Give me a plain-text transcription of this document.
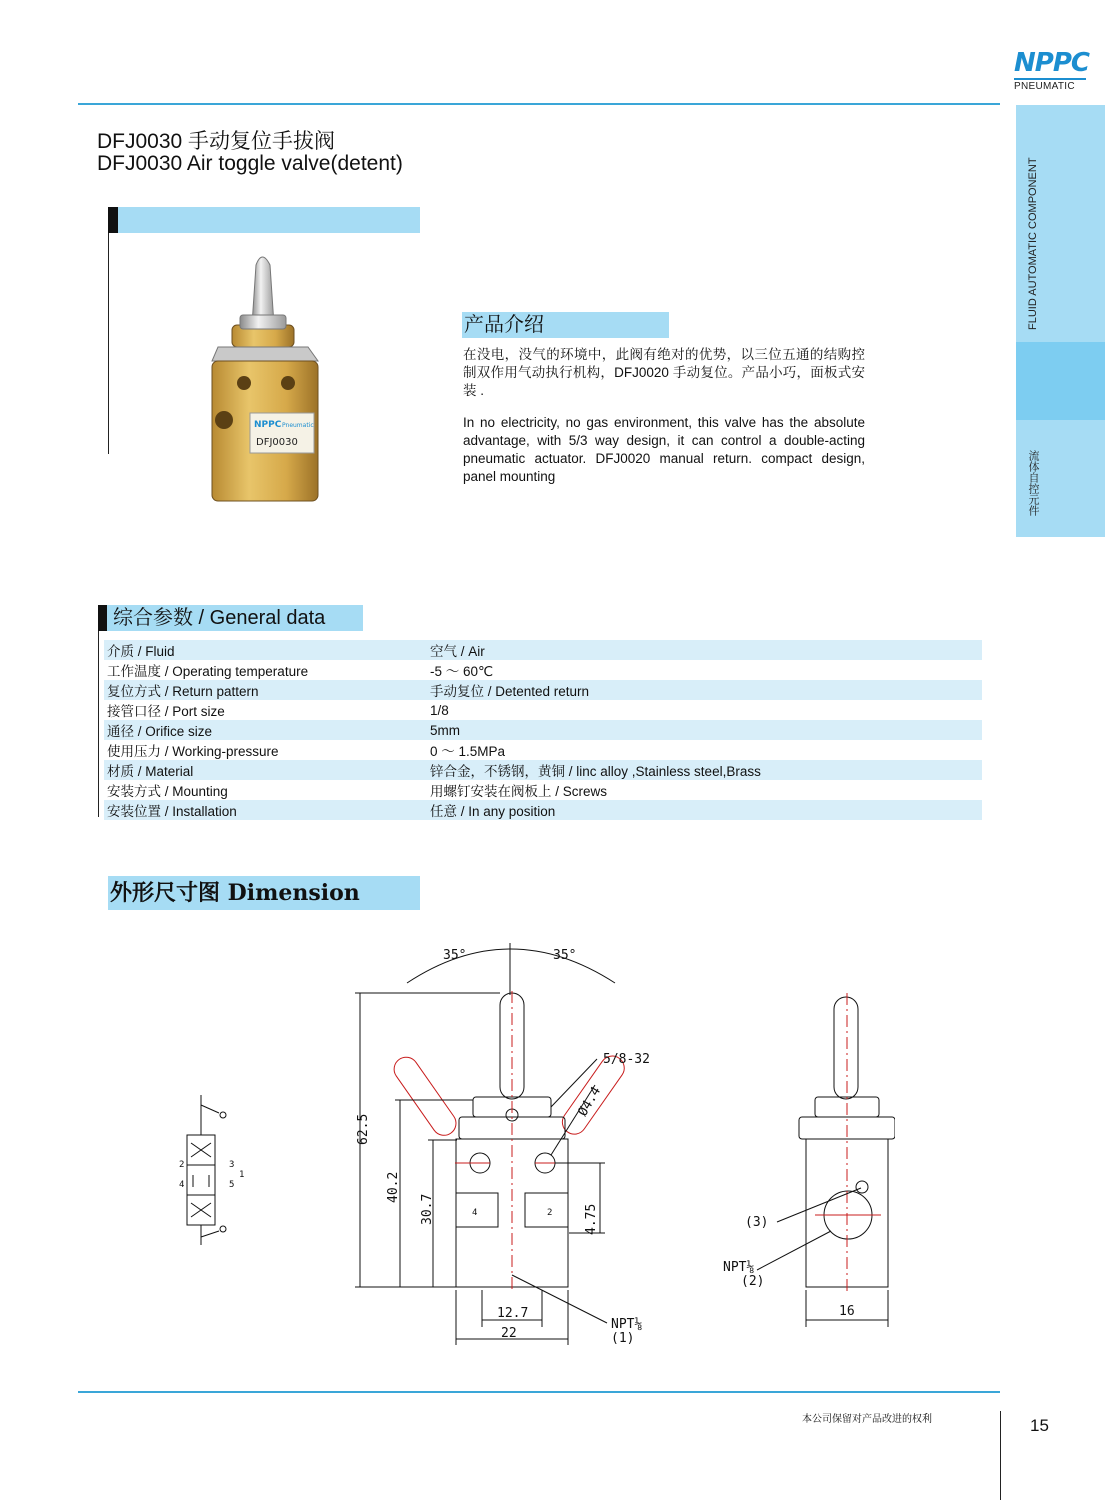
NPPC
PNEUMATIC
FLUID AUTOMATIC COMPONENT
流体自控元件
DFJ0030 手动复位手拔阀
DFJ0030 Air toggle valve(detent)
NPPC Pneumatic
DFJ0030
产品介绍
在没电，没气的环境中，此阀有绝对的优势，以三位五通的结购控制双作用气动执行机构，DFJ0020 手动复位。产品小巧，面板式安装 .
In no electricity, no gas environment, this valve has the absolute advantage, with 5/3 way design, it can control a double-acting pneumatic actuator. DFJ0020 manual return. compact design, panel mounting
综合参数 / General data
介质 / Fluid	空气 / Air
工作温度 / Operating temperature	-5 ～ 60℃
复位方式 / Return pattern	手动复位 / Detented return
接管口径 / Port size	1/8
通径 / Orifice size	5mm
使用压力 / Working-pressure	0 ～ 1.5MPa
材质 / Material	锌合金，不锈钢，黄铜 / linc alloy ,Stainless steel,Brass
安装方式 / Mounting	用螺钉安装在阀板上 / Screws
安装位置 / Installation	任意 / In any position
外形尺寸图 Dimension
2
4
3
5
1
35°	35°
4	2
62.5
40.2
30.7	4.75
Ø4.4
5/8-32
12.7
22
NPT⅛
(1)
(3)
NPT⅛
(2)
16
本公司保留对产品改进的权利	15
